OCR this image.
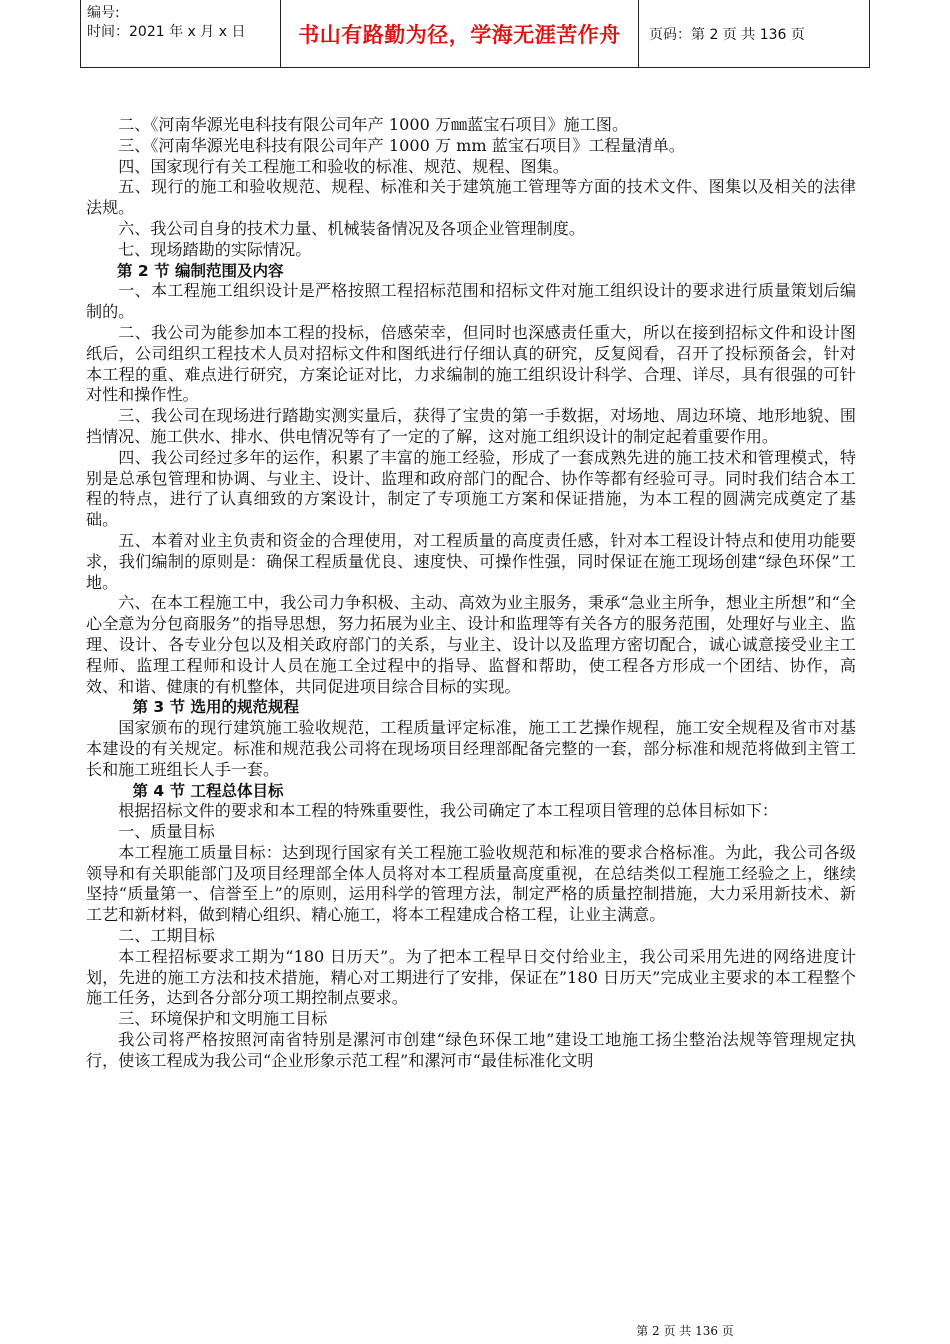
编号:
时间：2021 年 x 月 x 日	书山有路勤为径，学海无涯苦作舟	页码：第 2 页 共 136 页

二、《河南华源光电科技有限公司年产 1000 万㎜蓝宝石项目》施工图。

三、《河南华源光电科技有限公司年产 1000 万 mm 蓝宝石项目》工程量清单。

四、国家现行有关工程施工和验收的标准、规范、规程、图集。

五、现行的施工和验收规范、规程、标准和关于建筑施工管理等方面的技术文件、图集以及相关的法律法规。

六、我公司自身的技术力量、机械装备情况及各项企业管理制度。

七、现场踏勘的实际情况。

第 2 节 编制范围及内容

一、本工程施工组织设计是严格按照工程招标范围和招标文件对施工组织设计的要求进行质量策划后编制的。

二、我公司为能参加本工程的投标，倍感荣幸，但同时也深感责任重大，所以在接到招标文件和设计图纸后，公司组织工程技术人员对招标文件和图纸进行仔细认真的研究，反复阅看，召开了投标预备会，针对本工程的重、难点进行研究，方案论证对比，力求编制的施工组织设计科学、合理、详尽，具有很强的可针对性和操作性。

三、我公司在现场进行踏勘实测实量后，获得了宝贵的第一手数据，对场地、周边环境、地形地貌、围挡情况、施工供水、排水、供电情况等有了一定的了解，这对施工组织设计的制定起着重要作用。

四、我公司经过多年的运作，积累了丰富的施工经验，形成了一套成熟先进的施工技术和管理模式，特别是总承包管理和协调、与业主、设计、监理和政府部门的配合、协作等都有经验可寻。同时我们结合本工程的特点，进行了认真细致的方案设计，制定了专项施工方案和保证措施，为本工程的圆满完成奠定了基础。

五、本着对业主负责和资金的合理使用，对工程质量的高度责任感，针对本工程设计特点和使用功能要求，我们编制的原则是：确保工程质量优良、速度快、可操作性强，同时保证在施工现场创建“绿色环保”工地。

六、在本工程施工中，我公司力争积极、主动、高效为业主服务，秉承“急业主所争，想业主所想”和“全心全意为分包商服务”的指导思想，努力拓展为业主、设计和监理等有关各方的服务范围，处理好与业主、监理、设计、各专业分包以及相关政府部门的关系，与业主、设计以及监理方密切配合，诚心诚意接受业主工程师、监理工程师和设计人员在施工全过程中的指导、监督和帮助，使工程各方形成一个团结、协作，高效、和谐、健康的有机整体，共同促进项目综合目标的实现。

第 3 节 选用的规范规程

国家颁布的现行建筑施工验收规范，工程质量评定标准，施工工艺操作规程，施工安全规程及省市对基本建设的有关规定。标准和规范我公司将在现场项目经理部配备完整的一套，部分标准和规范将做到主管工长和施工班组长人手一套。

第 4 节 工程总体目标

根据招标文件的要求和本工程的特殊重要性，我公司确定了本工程项目管理的总体目标如下：

一、质量目标

本工程施工质量目标：达到现行国家有关工程施工验收规范和标准的要求合格标准。为此，我公司各级领导和有关职能部门及项目经理部全体人员将对本工程质量高度重视，在总结类似工程施工经验之上，继续坚持“质量第一、信誉至上”的原则，运用科学的管理方法，制定严格的质量控制措施，大力采用新技术、新工艺和新材料，做到精心组织、精心施工，将本工程建成合格工程，让业主满意。

二、工期目标

本工程招标要求工期为“180 日历天”。为了把本工程早日交付给业主，我公司采用先进的网络进度计划，先进的施工方法和技术措施，精心对工期进行了安排，保证在”180 日历天”完成业主要求的本工程整个施工任务，达到各分部分项工期控制点要求。

三、环境保护和文明施工目标

我公司将严格按照河南省特别是漯河市创建“绿色环保工地”建设工地施工扬尘整治法规等管理规定执行，使该工程成为我公司“企业形象示范工程”和漯河市“最佳标准化文明

第 2 页 共 136 页
